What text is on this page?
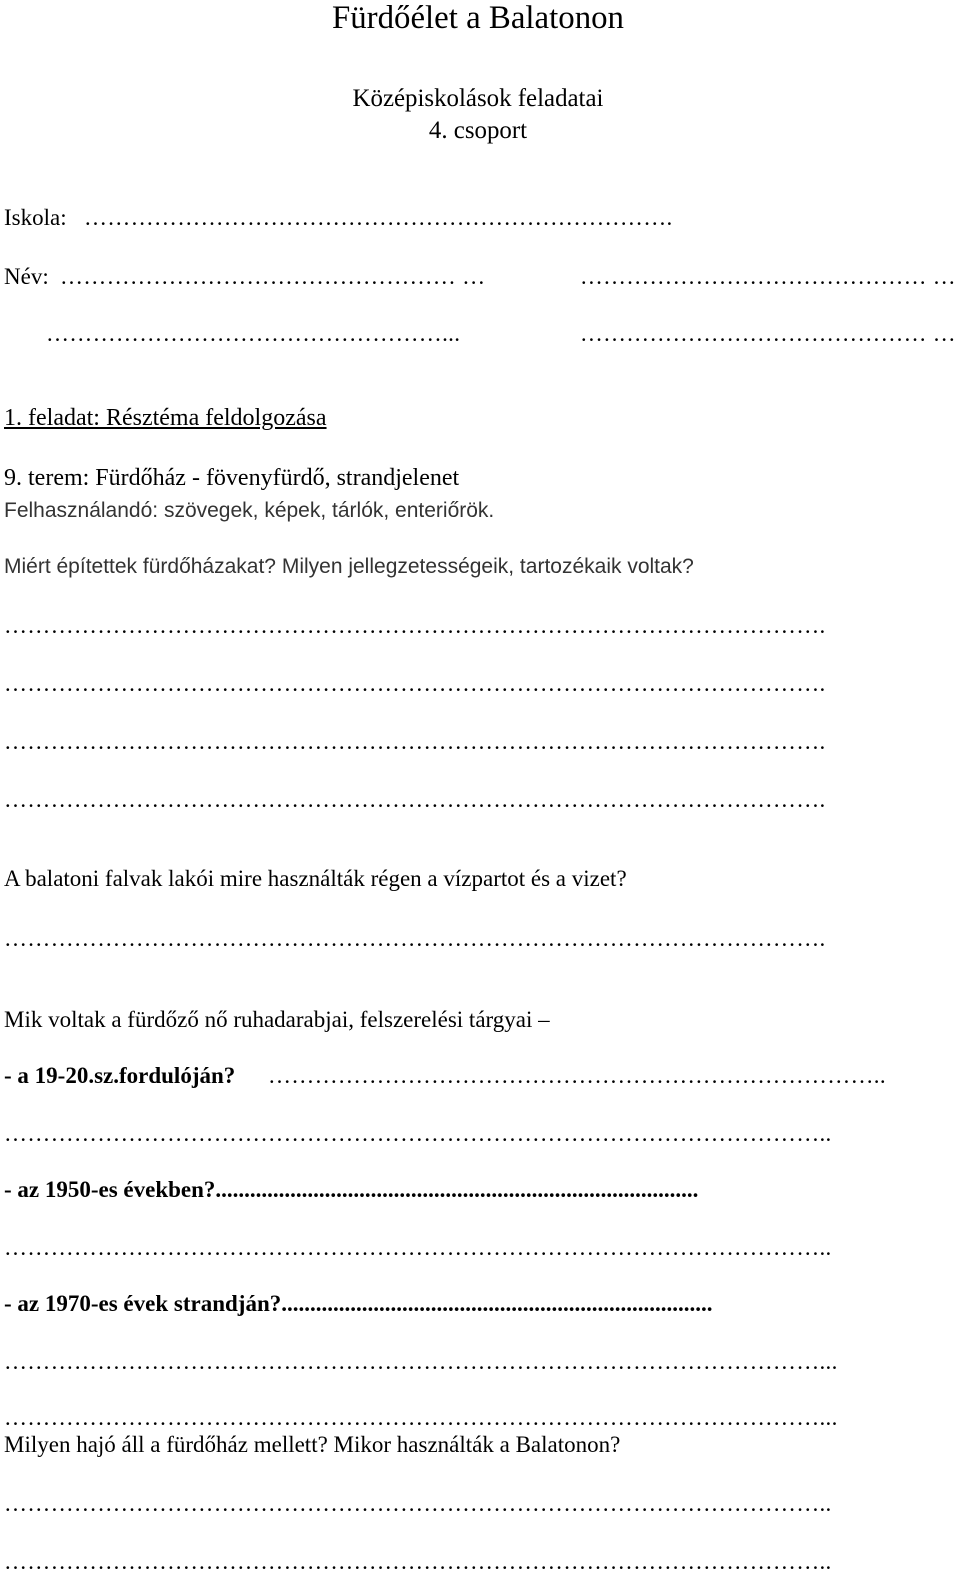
Fürdőélet a Balatonon
Középiskolások feladatai
4. csoport
Iskola: ………………………………………………………………….
Név: …………………………………………… …	……………………………………… …
……………………………………………...	……………………………………… …
1. feladat: Résztéma feldolgozása
9. terem: Fürdőház - fövenyfürdő, strandjelenet
Felhasználandó: szövegek, képek, tárlók, enteriőrök.
Miért építettek fürdőházakat? Milyen jellegzetességeik, tartozékaik voltak?
…………………………………………………………………………………………….
…………………………………………………………………………………………….
…………………………………………………………………………………………….
…………………………………………………………………………………………….
A balatoni falvak lakói mire használták régen a vízpartot és a vizet?
…………………………………………………………………………………………….
Mik voltak a fürdőző nő ruhadarabjai, felszerelési tárgyai –
- a 19-20.sz.fordulóján? ……………………………………………………………………..
……………………………………………………………………………………………..
- az 1950-es években?....................................................................................
……………………………………………………………………………………………..
- az 1970-es évek strandján?...........................................................................
……………………………………………………………………………………………...
……………………………………………………………………………………………...
Milyen hajó áll a fürdőház mellett? Mikor használták a Balatonon?
……………………………………………………………………………………………..
……………………………………………………………………………………………..
